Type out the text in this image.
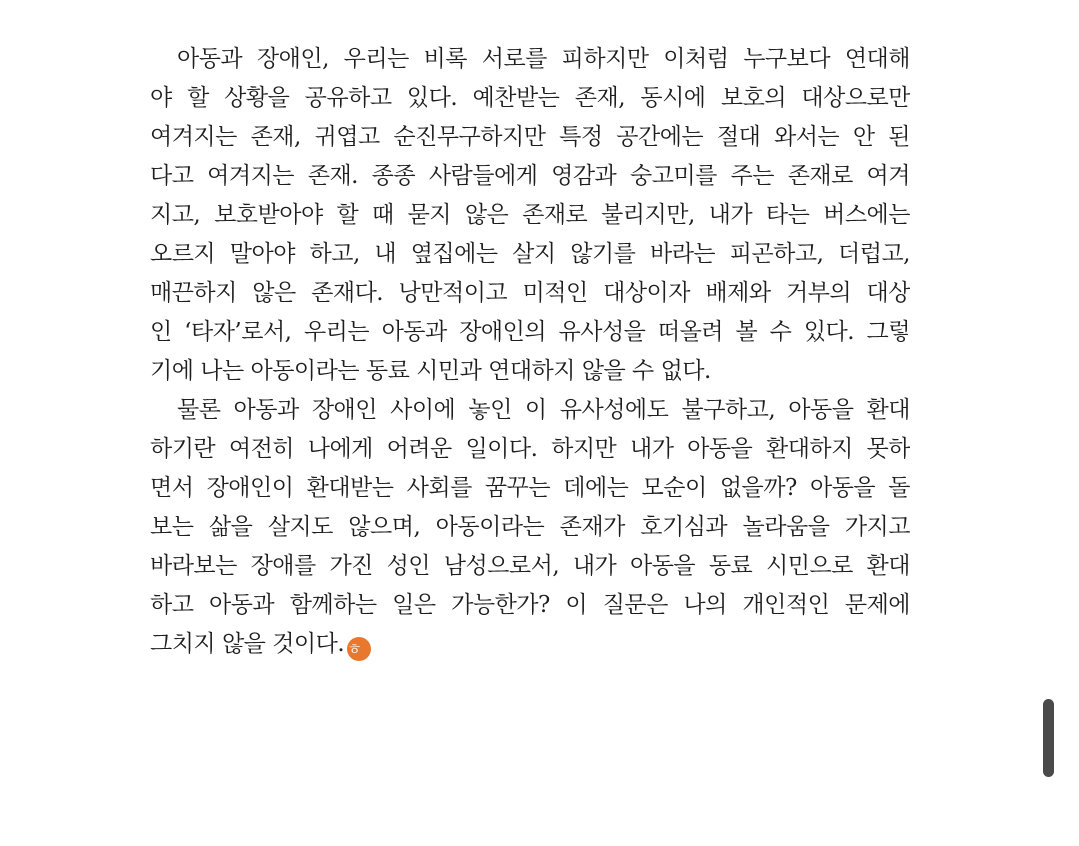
아동과 장애인, 우리는 비록 서로를 피하지만 이처럼 누구보다 연대해
야 할 상황을 공유하고 있다. 예찬받는 존재, 동시에 보호의 대상으로만
여겨지는 존재, 귀엽고 순진무구하지만 특정 공간에는 절대 와서는 안 된
다고 여겨지는 존재. 종종 사람들에게 영감과 숭고미를 주는 존재로 여겨
지고, 보호받아야 할 때 묻지 않은 존재로 불리지만, 내가 타는 버스에는
오르지 말아야 하고, 내 옆집에는 살지 않기를 바라는 피곤하고, 더럽고,
매끈하지 않은 존재다. 낭만적이고 미적인 대상이자 배제와 거부의 대상
인 ‘타자’로서, 우리는 아동과 장애인의 유사성을 떠올려 볼 수 있다. 그렇
기에 나는 아동이라는 동료 시민과 연대하지 않을 수 없다.

물론 아동과 장애인 사이에 놓인 이 유사성에도 불구하고, 아동을 환대
하기란 여전히 나에게 어려운 일이다. 하지만 내가 아동을 환대하지 못하
면서 장애인이 환대받는 사회를 꿈꾸는 데에는 모순이 없을까? 아동을 돌
보는 삶을 살지도 않으며, 아동이라는 존재가 호기심과 놀라움을 가지고
바라보는 장애를 가진 성인 남성으로서, 내가 아동을 동료 시민으로 환대
하고 아동과 함께하는 일은 가능한가? 이 질문은 나의 개인적인 문제에
그치지 않을 것이다. ㅎ
